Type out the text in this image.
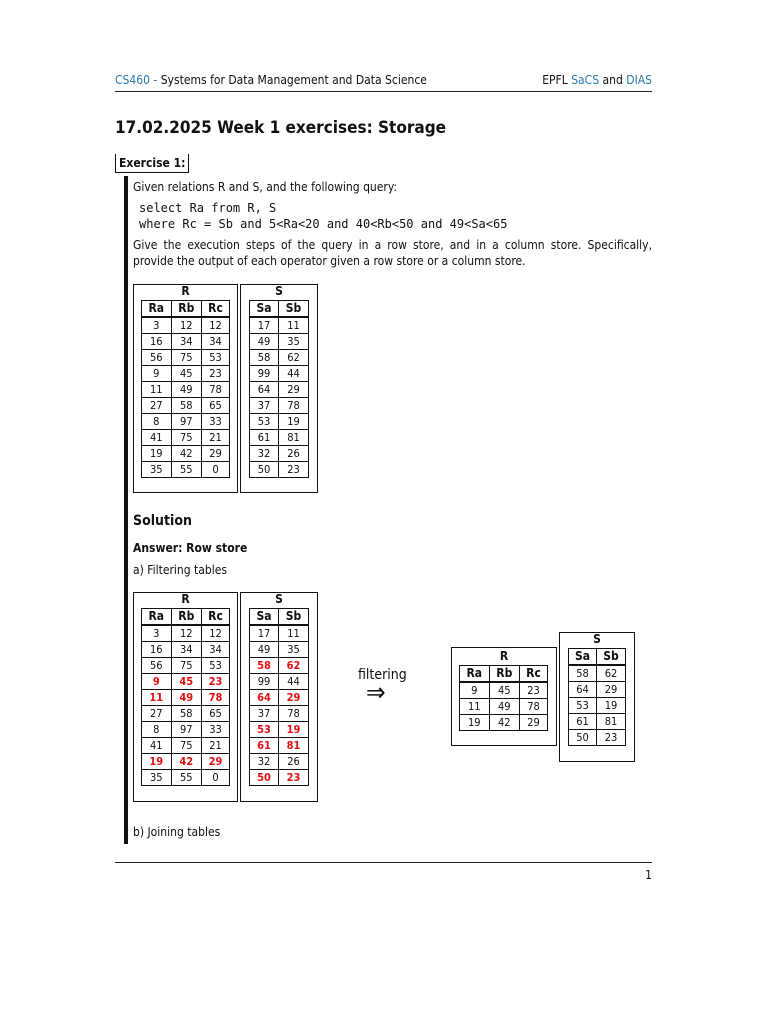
CS460 - Systems for Data Management and Data Science	EPFL SaCS and DIAS
17.02.2025 Week 1 exercises: Storage
Exercise 1:
Given relations R and S, and the following query:
select Ra from R, S
where Rc = Sb and 5<Ra<20 and 40<Rb<50 and 49<Sa<65
Give the execution steps of the query in a row store, and in a column store. Specifically, provide the output of each operator given a row store or a column store.
R
Ra	Rb	Rc
3	12	12
16	34	34
56	75	53
9	45	23
11	49	78
27	58	65
8	97	33
41	75	21
19	42	29
35	55	0
S
Sa	Sb
17	11
49	35
58	62
99	44
64	29
37	78
53	19
61	81
32	26
50	23
Solution
Answer: Row store
a) Filtering tables
R
Ra	Rb	Rc
3	12	12
16	34	34
56	75	53
9	45	23
11	49	78
27	58	65
8	97	33
41	75	21
19	42	29
35	55	0
S
Sa	Sb
17	11
49	35
58	62
99	44
64	29
37	78
53	19
61	81
32	26
50	23
filtering
⇒
R
Ra	Rb	Rc
9	45	23
11	49	78
19	42	29
S
Sa	Sb
58	62
64	29
53	19
61	81
50	23
b) Joining tables
1
